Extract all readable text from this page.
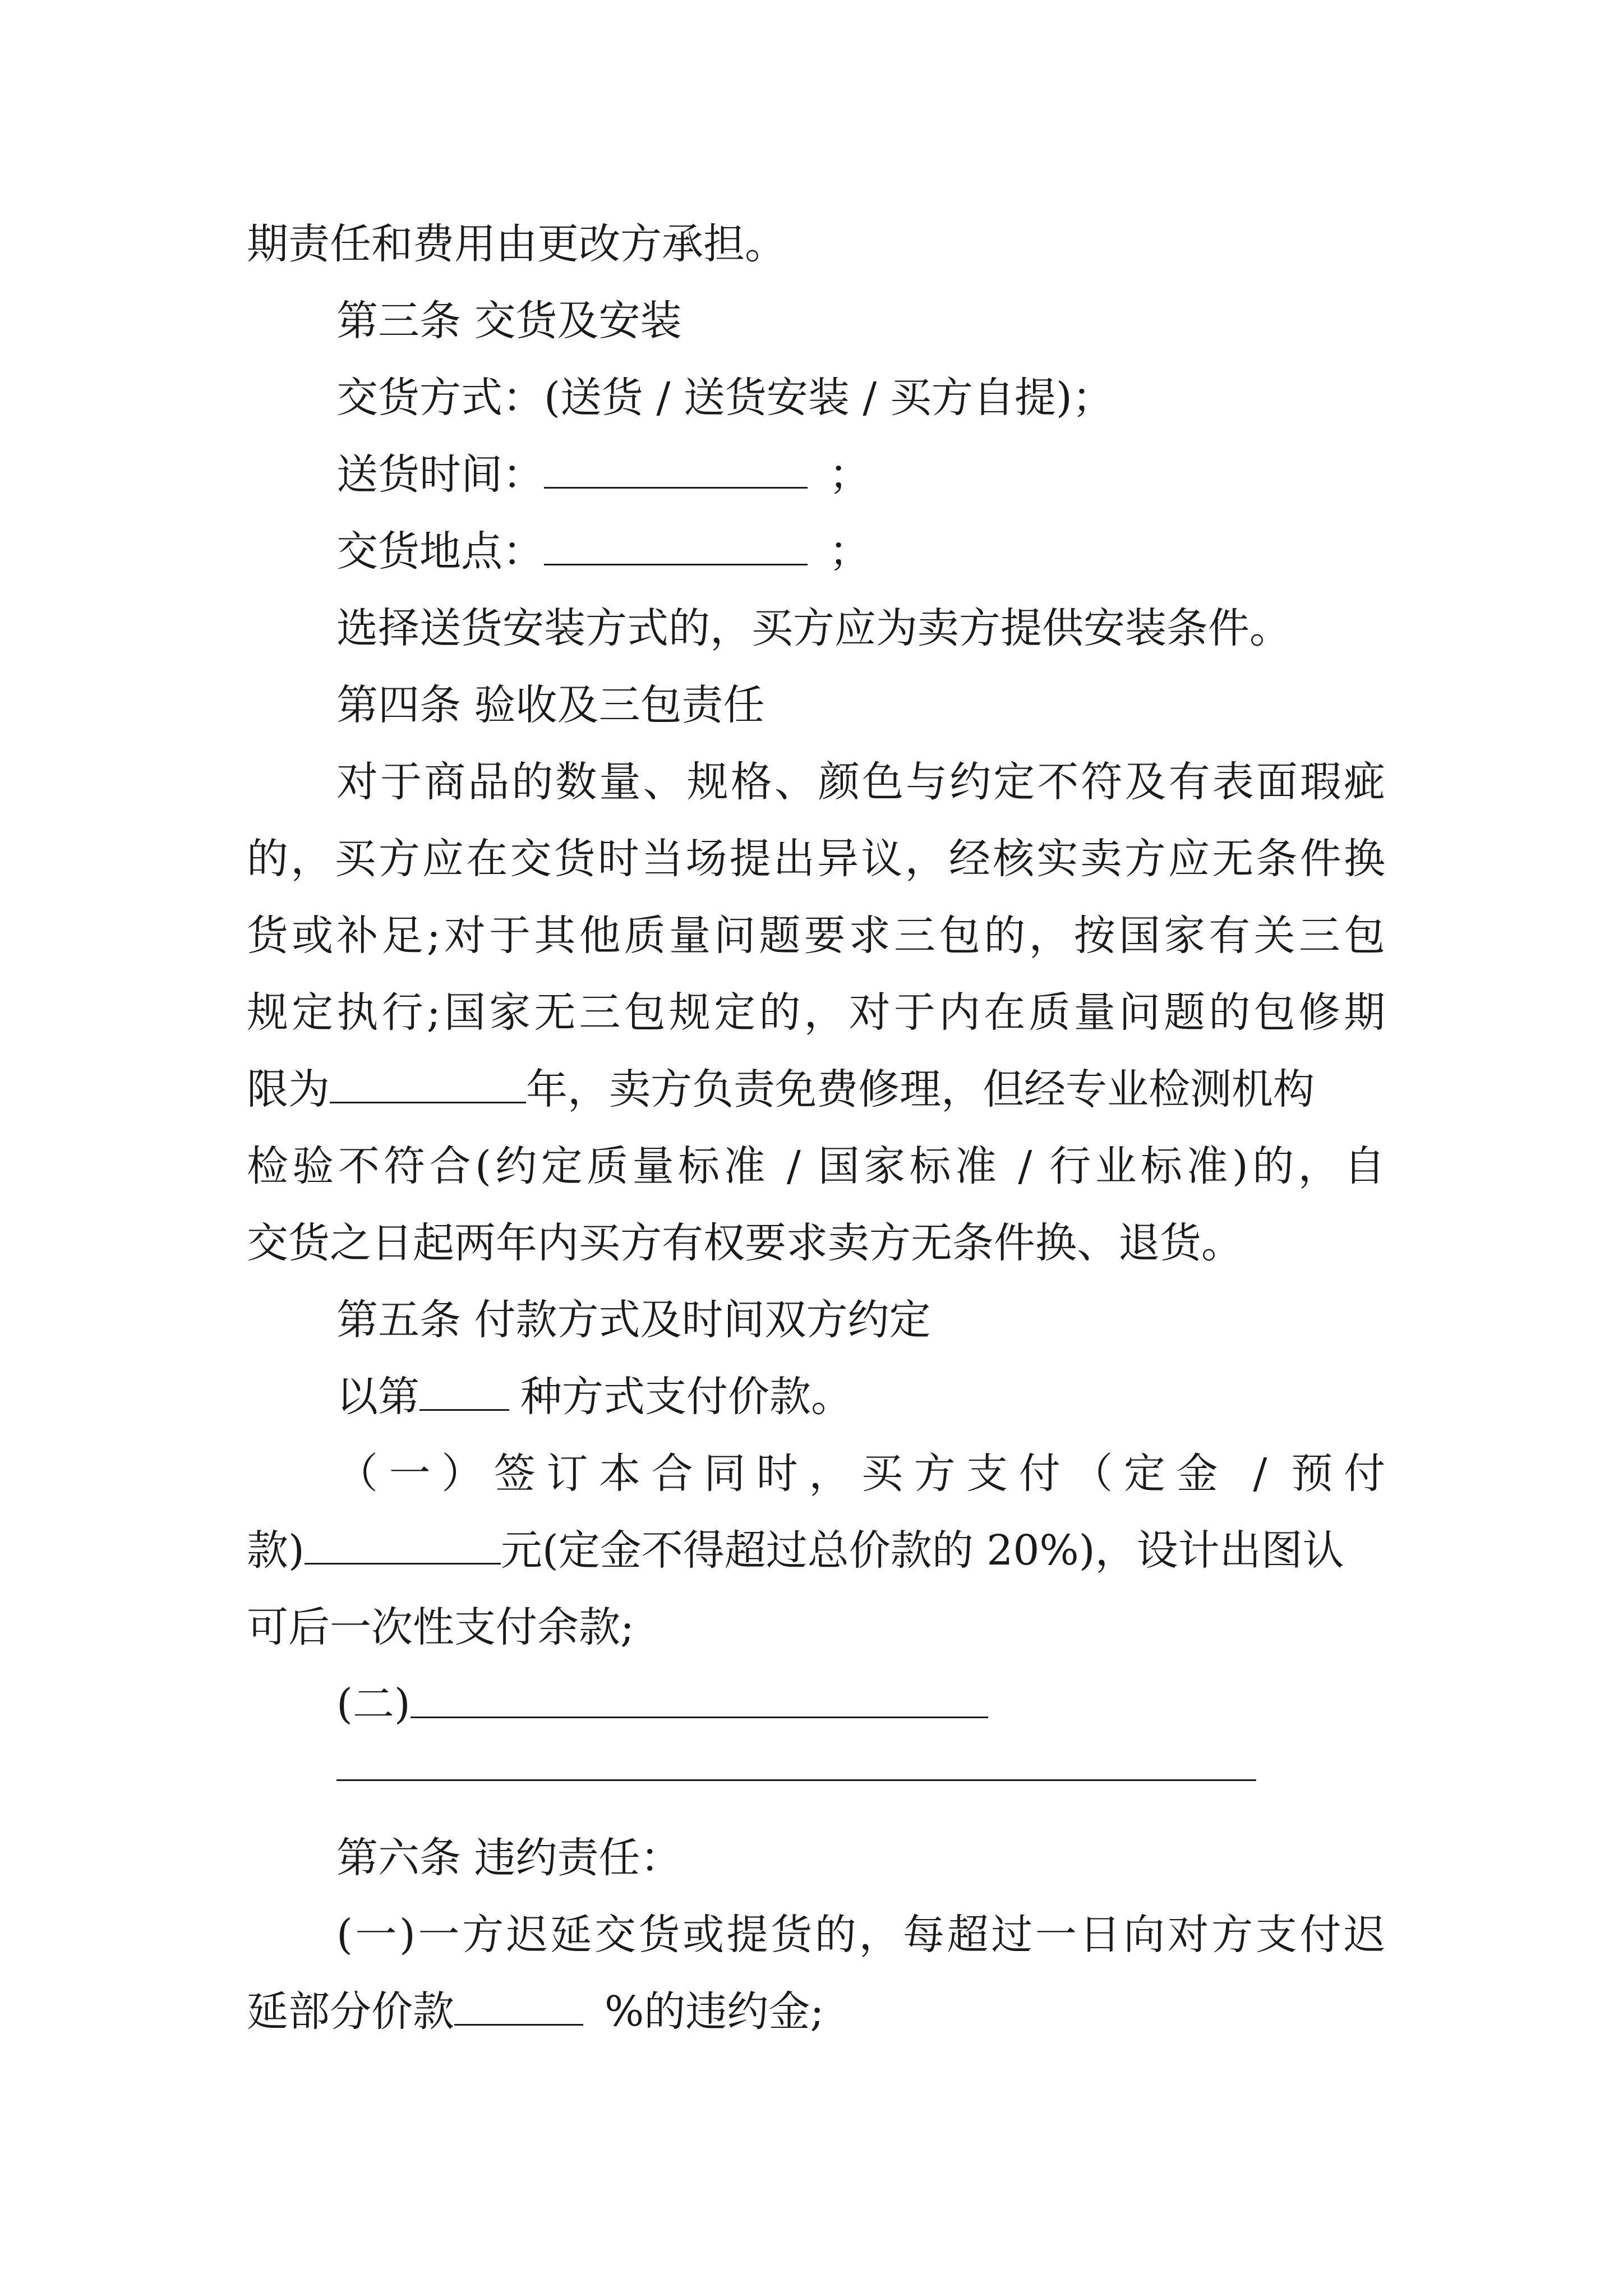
期责任和费用由更改方承担。

第三条 交货及安装

交货方式：(送货 / 送货安装 / 买方自提)；

送货时间：	；

交货地点：	；

选择送货安装方式的，买方应为卖方提供安装条件。

第四条 验收及三包责任

对于商品的数量、规格、颜色与约定不符及有表面瑕疵

的，买方应在交货时当场提出异议，经核实卖方应无条件换

货或补足;对于其他质量问题要求三包的，按国家有关三包

规定执行;国家无三包规定的，对于内在质量问题的包修期

限为	年，卖方负责免费修理，但经专业检测机构

检验不符合(约定质量标准 / 国家标准 / 行业标准)的，自

交货之日起两年内买方有权要求卖方无条件换、退货。

第五条 付款方式及时间双方约定

以第 种方式支付价款。

（一）签订本合同时，买方支付（定金 / 预付

款)	元(定金不得超过总价款的 20%)，设计出图认

可后一次性支付余款;

(二)

第六条 违约责任：

(一)一方迟延交货或提货的，每超过一日向对方支付迟

延部分价款	%的违约金;
